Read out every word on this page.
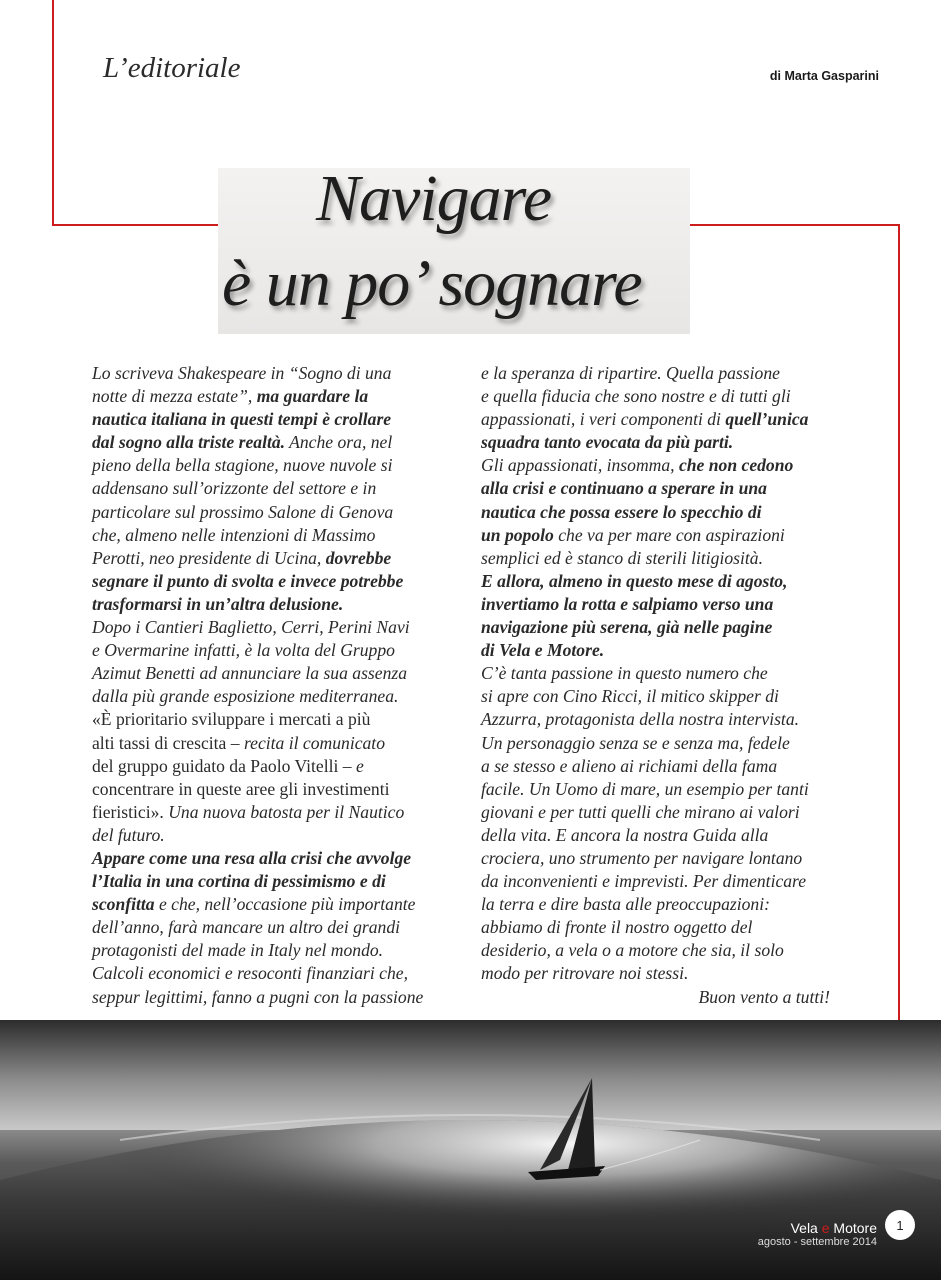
L’editoriale	di Marta Gasparini
Navigare
è un po’ sognare
Lo scriveva Shakespeare in “Sogno di una
notte di mezza estate”, ma guardare la
nautica italiana in questi tempi è crollare
dal sogno alla triste realtà. Anche ora, nel
pieno della bella stagione, nuove nuvole si
addensano sull’orizzonte del settore e in
particolare sul prossimo Salone di Genova
che, almeno nelle intenzioni di Massimo
Perotti, neo presidente di Ucina, dovrebbe
segnare il punto di svolta e invece potrebbe
trasformarsi in un’altra delusione.
Dopo i Cantieri Baglietto, Cerri, Perini Navi
e Overmarine infatti, è la volta del Gruppo
Azimut Benetti ad annunciare la sua assenza
dalla più grande esposizione mediterranea.
«È prioritario sviluppare i mercati a più
alti tassi di crescita – recita il comunicato
del gruppo guidato da Paolo Vitelli – e
concentrare in queste aree gli investimenti
fieristici». Una nuova batosta per il Nautico
del futuro.
Appare come una resa alla crisi che avvolge
l’Italia in una cortina di pessimismo e di
sconfitta e che, nell’occasione più importante
dell’anno, farà mancare un altro dei grandi
protagonisti del made in Italy nel mondo.
Calcoli economici e resoconti finanziari che,
seppur legittimi, fanno a pugni con la passione
e la speranza di ripartire. Quella passione
e quella fiducia che sono nostre e di tutti gli
appassionati, i veri componenti di quell’unica
squadra tanto evocata da più parti.
Gli appassionati, insomma, che non cedono
alla crisi e continuano a sperare in una
nautica che possa essere lo specchio di
un popolo che va per mare con aspirazioni
semplici ed è stanco di sterili litigiosità.
E allora, almeno in questo mese di agosto,
invertiamo la rotta e salpiamo verso una
navigazione più serena, già nelle pagine
di Vela e Motore.
C’è tanta passione in questo numero che
si apre con Cino Ricci, il mitico skipper di
Azzurra, protagonista della nostra intervista.
Un personaggio senza se e senza ma, fedele
a se stesso e alieno ai richiami della fama
facile. Un Uomo di mare, un esempio per tanti
giovani e per tutti quelli che mirano ai valori
della vita. E ancora la nostra Guida alla
crociera, uno strumento per navigare lontano
da inconvenienti e imprevisti. Per dimenticare
la terra e dire basta alle preoccupazioni:
abbiamo di fronte il nostro oggetto del
desiderio, a vela o a motore che sia, il solo
modo per ritrovare noi stessi.
Buon vento a tutti!
Vela e Motore
agosto - settembre 2014
1
